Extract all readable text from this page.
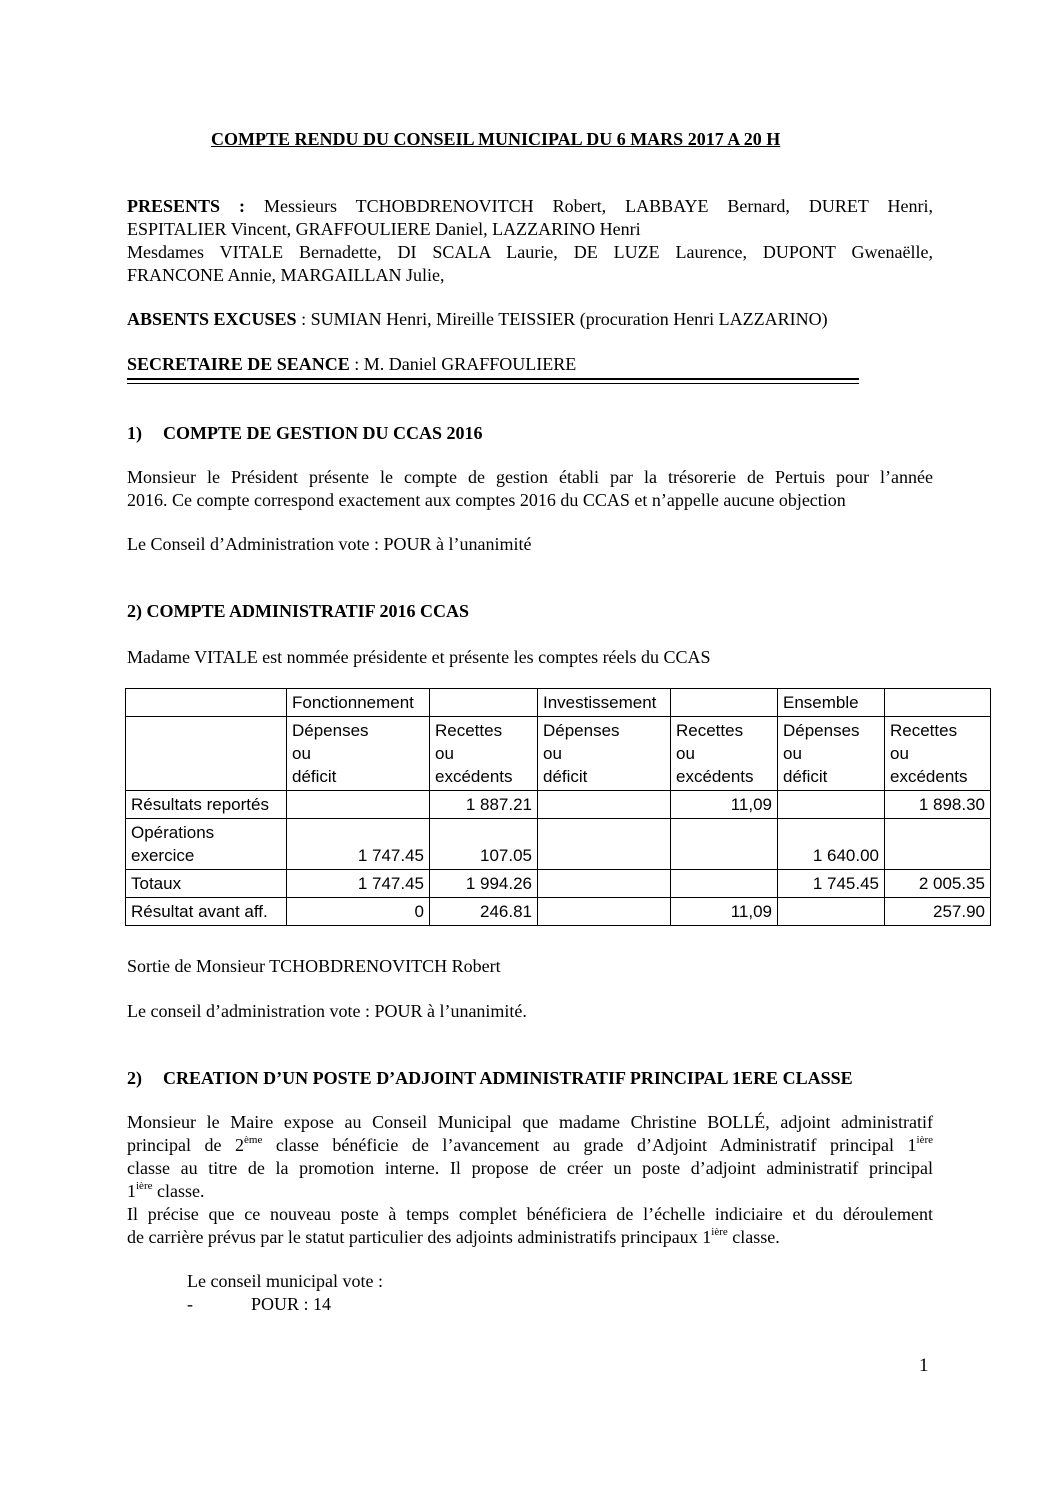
COMPTE RENDU DU CONSEIL MUNICIPAL DU 6 MARS 2017 A 20 H
PRESENTS : Messieurs TCHOBDRENOVITCH Robert, LABBAYE Bernard, DURET Henri,
ESPITALIER Vincent, GRAFFOULIERE Daniel, LAZZARINO Henri
Mesdames VITALE Bernadette, DI SCALA Laurie, DE LUZE Laurence, DUPONT Gwenaëlle,
FRANCONE Annie, MARGAILLAN Julie,
ABSENTS EXCUSES : SUMIAN Henri, Mireille TEISSIER (procuration Henri LAZZARINO)
SECRETAIRE DE SEANCE : M. Daniel GRAFFOULIERE
1) COMPTE DE GESTION DU CCAS 2016
Monsieur le Président présente le compte de gestion établi par la trésorerie de Pertuis pour l’année
2016. Ce compte correspond exactement aux comptes 2016 du CCAS et n’appelle aucune objection
Le Conseil d’Administration vote : POUR à l’unanimité
2) COMPTE ADMINISTRATIF 2016 CCAS
Madame VITALE est nommée présidente et présente les comptes réels du CCAS
	Fonctionnement		Investissement		Ensemble	
	Dépenses
ou
déficit	Recettes
ou
excédents	Dépenses
ou
déficit	Recettes
ou
excédents	Dépenses
ou
déficit	Recettes
ou
excédents
Résultats reportés		1 887.21		11,09		1 898.30
Opérations
exercice	1 747.45	107.05			1 640.00	
Totaux	1 747.45	1 994.26			1 745.45	2 005.35
Résultat avant aff.	0	246.81		11,09		257.90
Sortie de Monsieur TCHOBDRENOVITCH Robert
Le conseil d’administration vote : POUR à l’unanimité.
2) CREATION D’UN POSTE D’ADJOINT ADMINISTRATIF PRINCIPAL 1ERE CLASSE
Monsieur le Maire expose au Conseil Municipal que madame Christine BOLLÉ, adjoint administratif
principal de 2ème classe bénéficie de l’avancement au grade d’Adjoint Administratif principal $1^{ière}$
classe au titre de la promotion interne. Il propose de créer un poste d’adjoint administratif principal
$1^{ière}$ classe.
Il précise que ce nouveau poste à temps complet bénéficiera de l’échelle indiciaire et du déroulement
de carrière prévus par le statut particulier des adjoints administratifs principaux $1^{ière}$ classe.
Le conseil municipal vote :
-	POUR : 14
1
